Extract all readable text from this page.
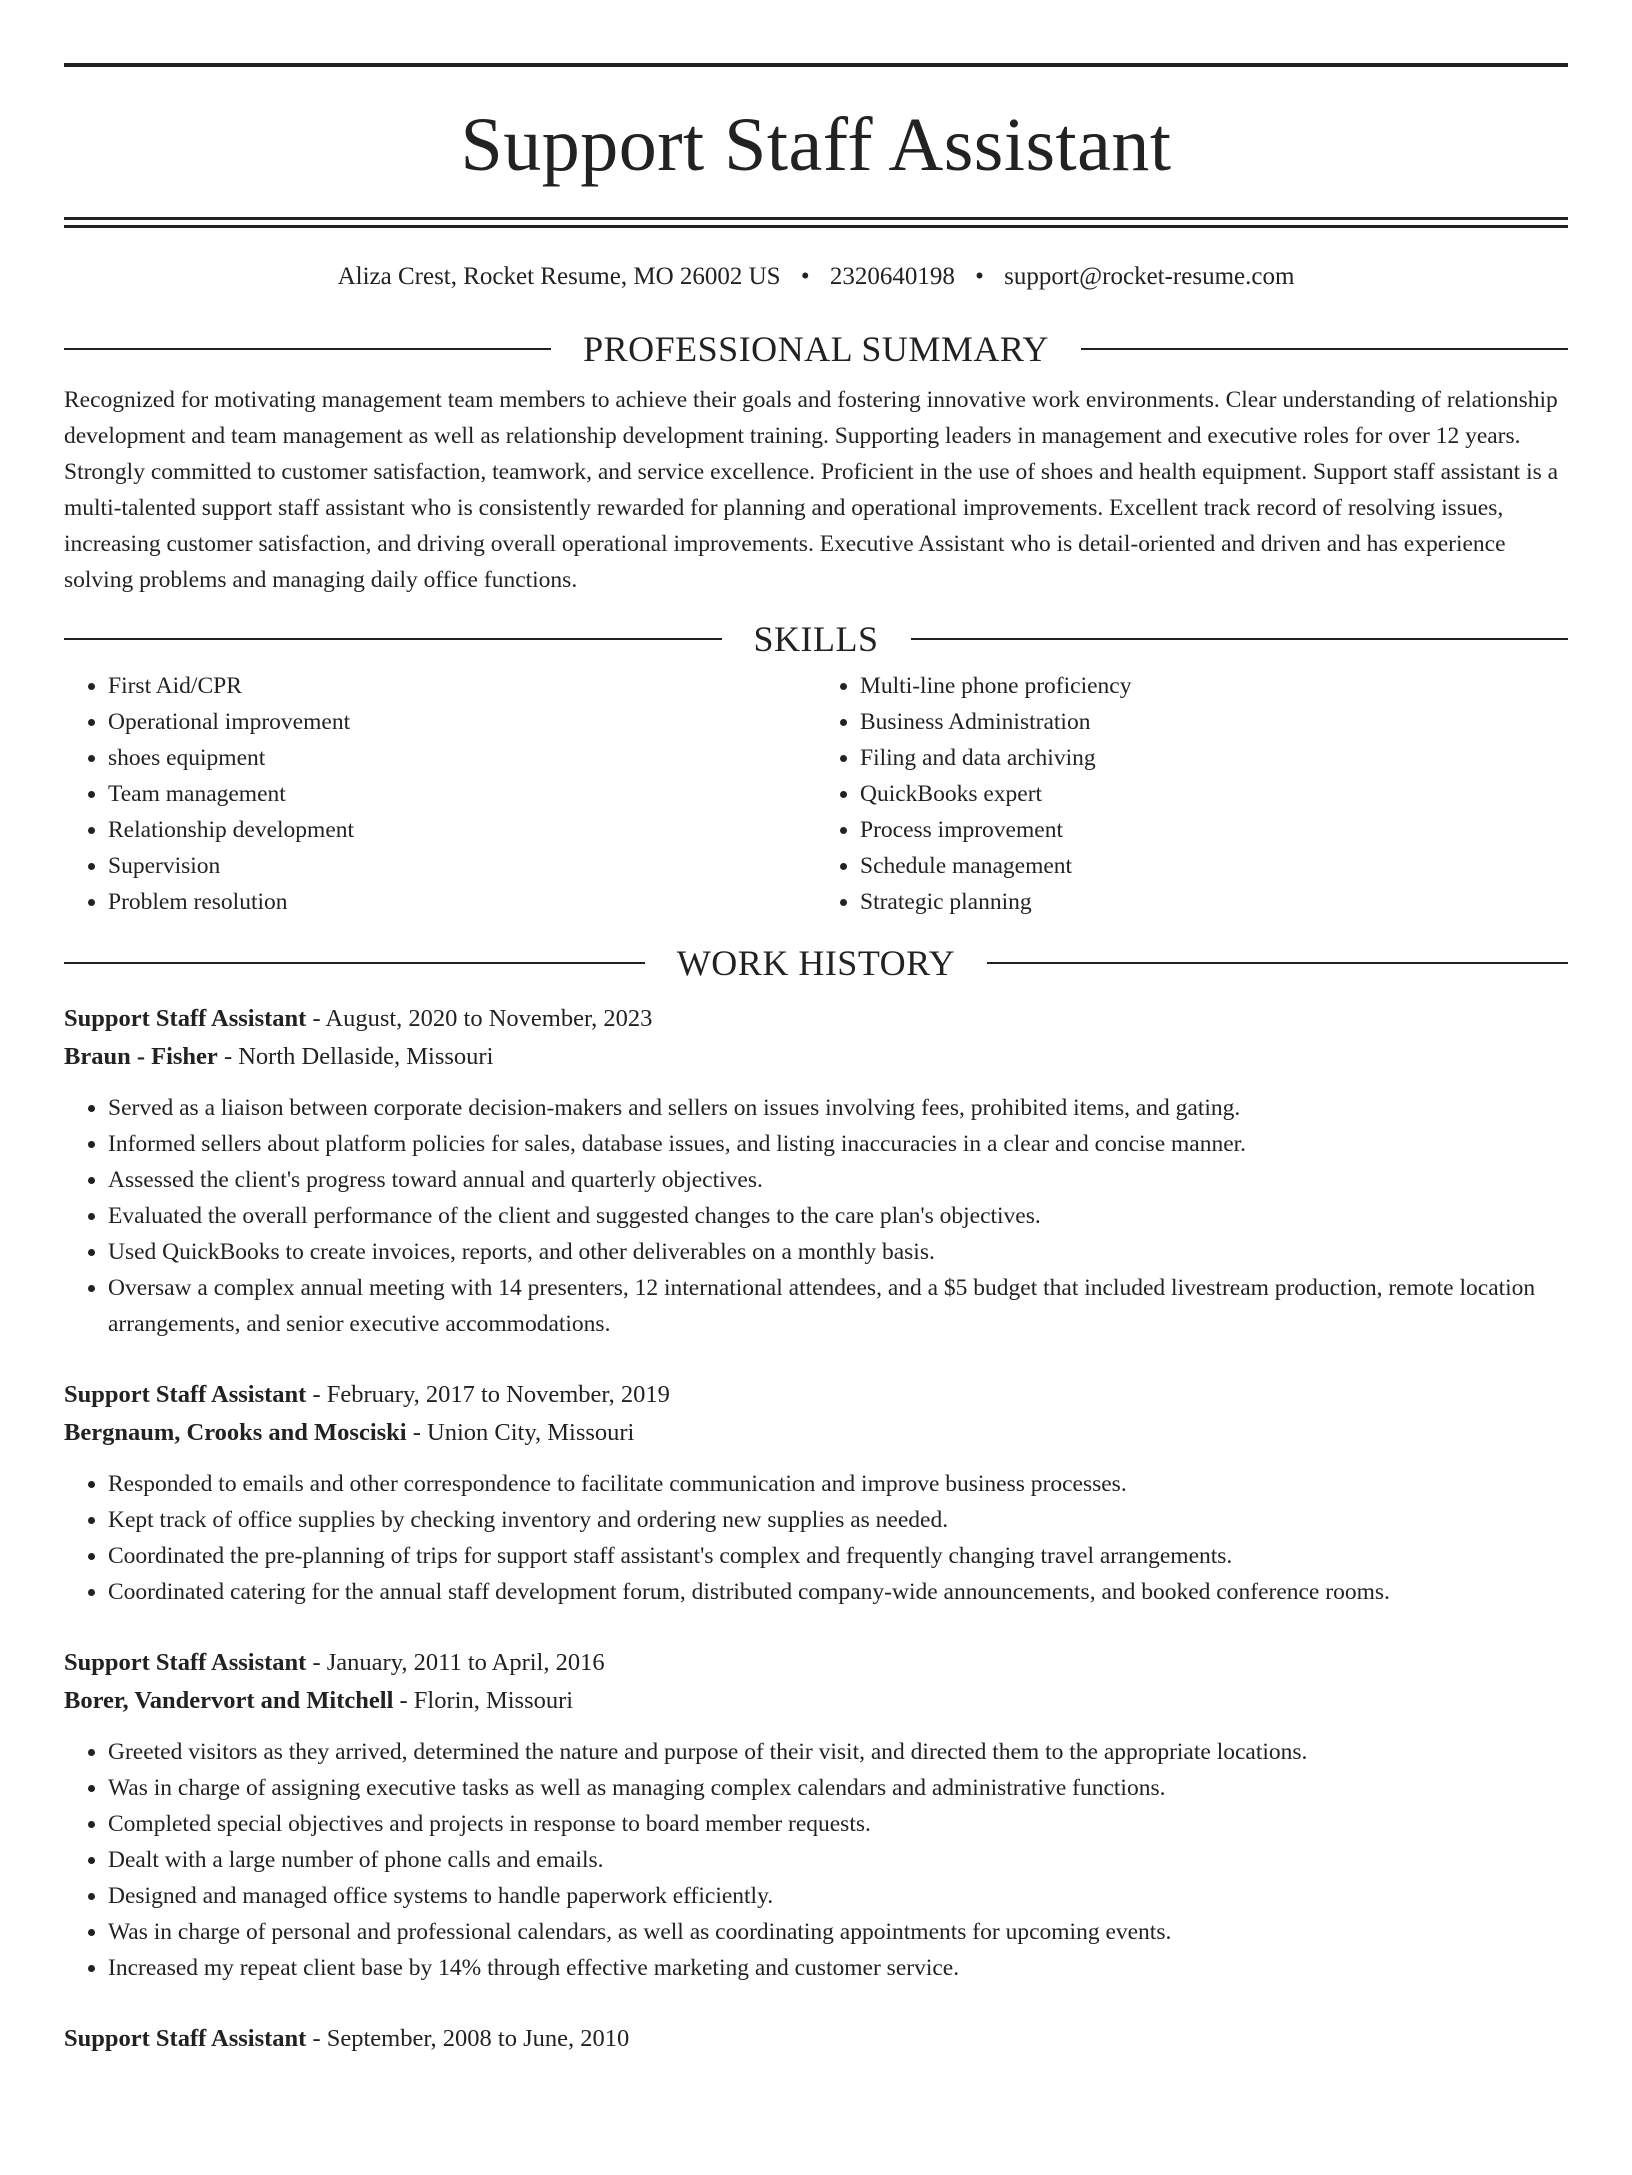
Support Staff Assistant
Aliza Crest, Rocket Resume, MO 26002 US • 2320640198 • support@rocket-resume.com
PROFESSIONAL SUMMARY
Recognized for motivating management team members to achieve their goals and fostering innovative work environments. Clear understanding of relationship development and team management as well as relationship development training. Supporting leaders in management and executive roles for over 12 years. Strongly committed to customer satisfaction, teamwork, and service excellence. Proficient in the use of shoes and health equipment. Support staff assistant is a multi-talented support staff assistant who is consistently rewarded for planning and operational improvements. Excellent track record of resolving issues, increasing customer satisfaction, and driving overall operational improvements. Executive Assistant who is detail-oriented and driven and has experience solving problems and managing daily office functions.
SKILLS
• First Aid/CPR
• Operational improvement
• shoes equipment
• Team management
• Relationship development
• Supervision
• Problem resolution
• Multi-line phone proficiency
• Business Administration
• Filing and data archiving
• QuickBooks expert
• Process improvement
• Schedule management
• Strategic planning
WORK HISTORY
Support Staff Assistant - August, 2020 to November, 2023
Braun - Fisher - North Dellaside, Missouri
• Served as a liaison between corporate decision-makers and sellers on issues involving fees, prohibited items, and gating.
• Informed sellers about platform policies for sales, database issues, and listing inaccuracies in a clear and concise manner.
• Assessed the client's progress toward annual and quarterly objectives.
• Evaluated the overall performance of the client and suggested changes to the care plan's objectives.
• Used QuickBooks to create invoices, reports, and other deliverables on a monthly basis.
• Oversaw a complex annual meeting with 14 presenters, 12 international attendees, and a $5 budget that included livestream production, remote location arrangements, and senior executive accommodations.
Support Staff Assistant - February, 2017 to November, 2019
Bergnaum, Crooks and Mosciski - Union City, Missouri
• Responded to emails and other correspondence to facilitate communication and improve business processes.
• Kept track of office supplies by checking inventory and ordering new supplies as needed.
• Coordinated the pre-planning of trips for support staff assistant's complex and frequently changing travel arrangements.
• Coordinated catering for the annual staff development forum, distributed company-wide announcements, and booked conference rooms.
Support Staff Assistant - January, 2011 to April, 2016
Borer, Vandervort and Mitchell - Florin, Missouri
• Greeted visitors as they arrived, determined the nature and purpose of their visit, and directed them to the appropriate locations.
• Was in charge of assigning executive tasks as well as managing complex calendars and administrative functions.
• Completed special objectives and projects in response to board member requests.
• Dealt with a large number of phone calls and emails.
• Designed and managed office systems to handle paperwork efficiently.
• Was in charge of personal and professional calendars, as well as coordinating appointments for upcoming events.
• Increased my repeat client base by 14% through effective marketing and customer service.
Support Staff Assistant - September, 2008 to June, 2010
